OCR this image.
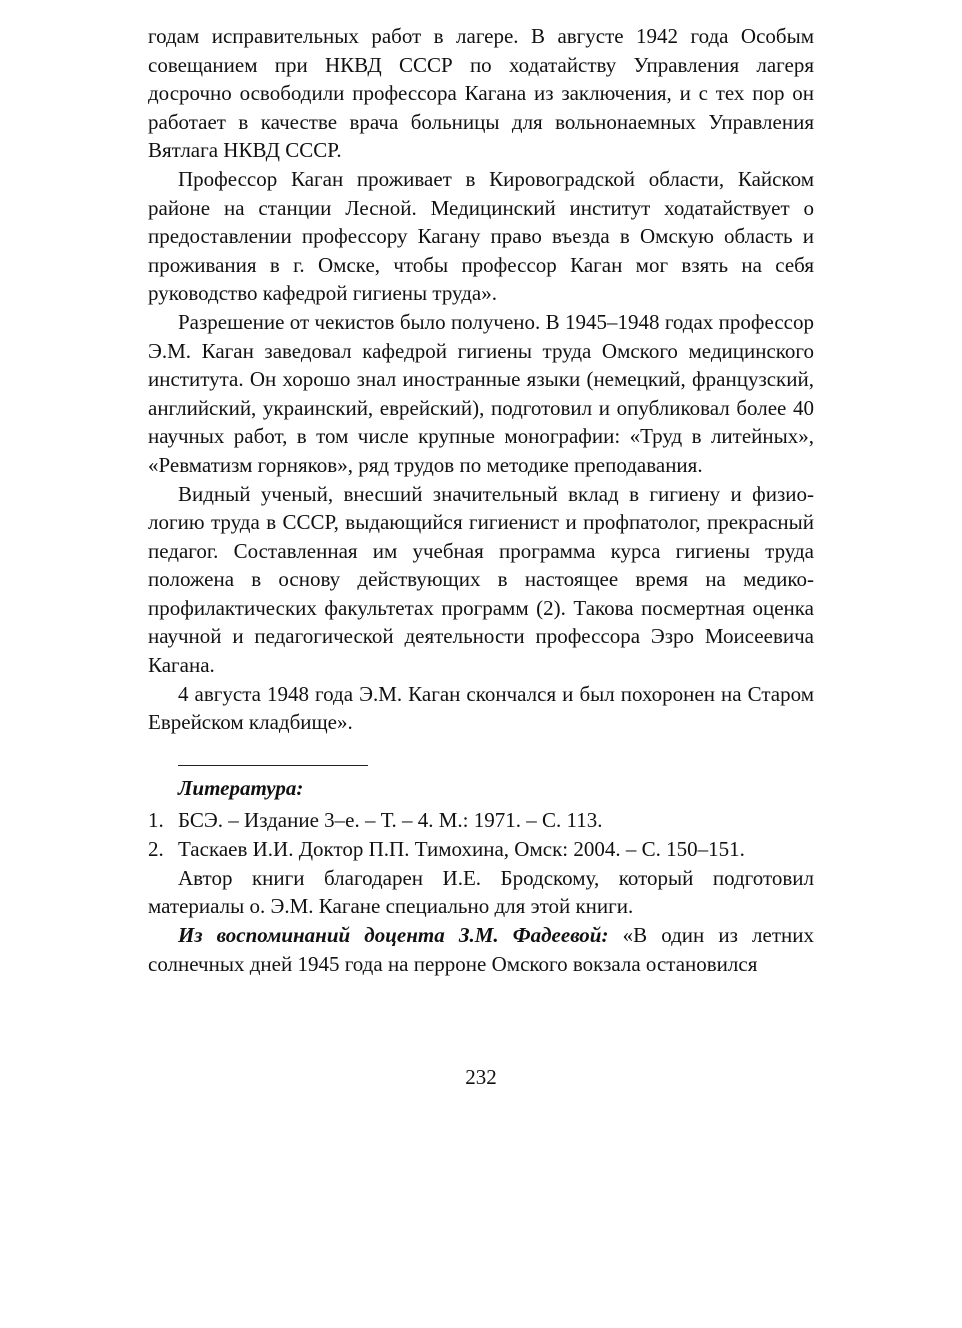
годам исправительных работ в лагере. В августе 1942 года Особым совещанием при НКВД СССР по ходатайству Управления лагеря досрочно освободили профессора Кагана из заключения, и с тех пор он работает в качестве врача больницы для вольнонаемных Управления Вятлага НКВД СССР.

Профессор Каган проживает в Кировоградской области, Кайском районе на станции Лесной. Медицинский институт ходатайствует о предоставлении профессору Кагану право въезда в Омскую область и проживания в г. Омске, чтобы профессор Каган мог взять на себя руководство кафедрой гигиены труда».

Разрешение от чекистов было получено. В 1945–1948 годах профессор Э.М. Каган заведовал кафедрой гигиены труда Омского медицинского института. Он хорошо знал иностранные языки (немецкий, французский, английский, украинский, еврейский), подготовил и опубликовал более 40 научных работ, в том числе крупные монографии: «Труд в литейных», «Ревматизм горняков», ряд трудов по методике преподавания.

Видный ученый, внесший значительный вклад в гигиену и физиологию труда в СССР, выдающийся гигиенист и профпатолог, прекрасный педагог. Составленная им учебная программа курса гигиены труда положена в основу действующих в настоящее время на медико-профилактических факультетах программ (2). Такова посмертная оценка научной и педагогической деятельности профессора Эзро Моисеевича Кагана.

4 августа 1948 года Э.М. Каган скончался и был похоронен на Старом Еврейском кладбище».

Литература:

1. БСЭ. – Издание 3–е. – Т. – 4. М.: 1971. – С. 113.
2. Таскаев И.И. Доктор П.П. Тимохина, Омск: 2004. – С. 150–151.

Автор книги благодарен И.Е. Бродскому, который подготовил материалы о. Э.М. Кагане специально для этой книги.

Из воспоминаний доцента З.М. Фадеевой: «В один из летних солнечных дней 1945 года на перроне Омского вокзала остановился

232
